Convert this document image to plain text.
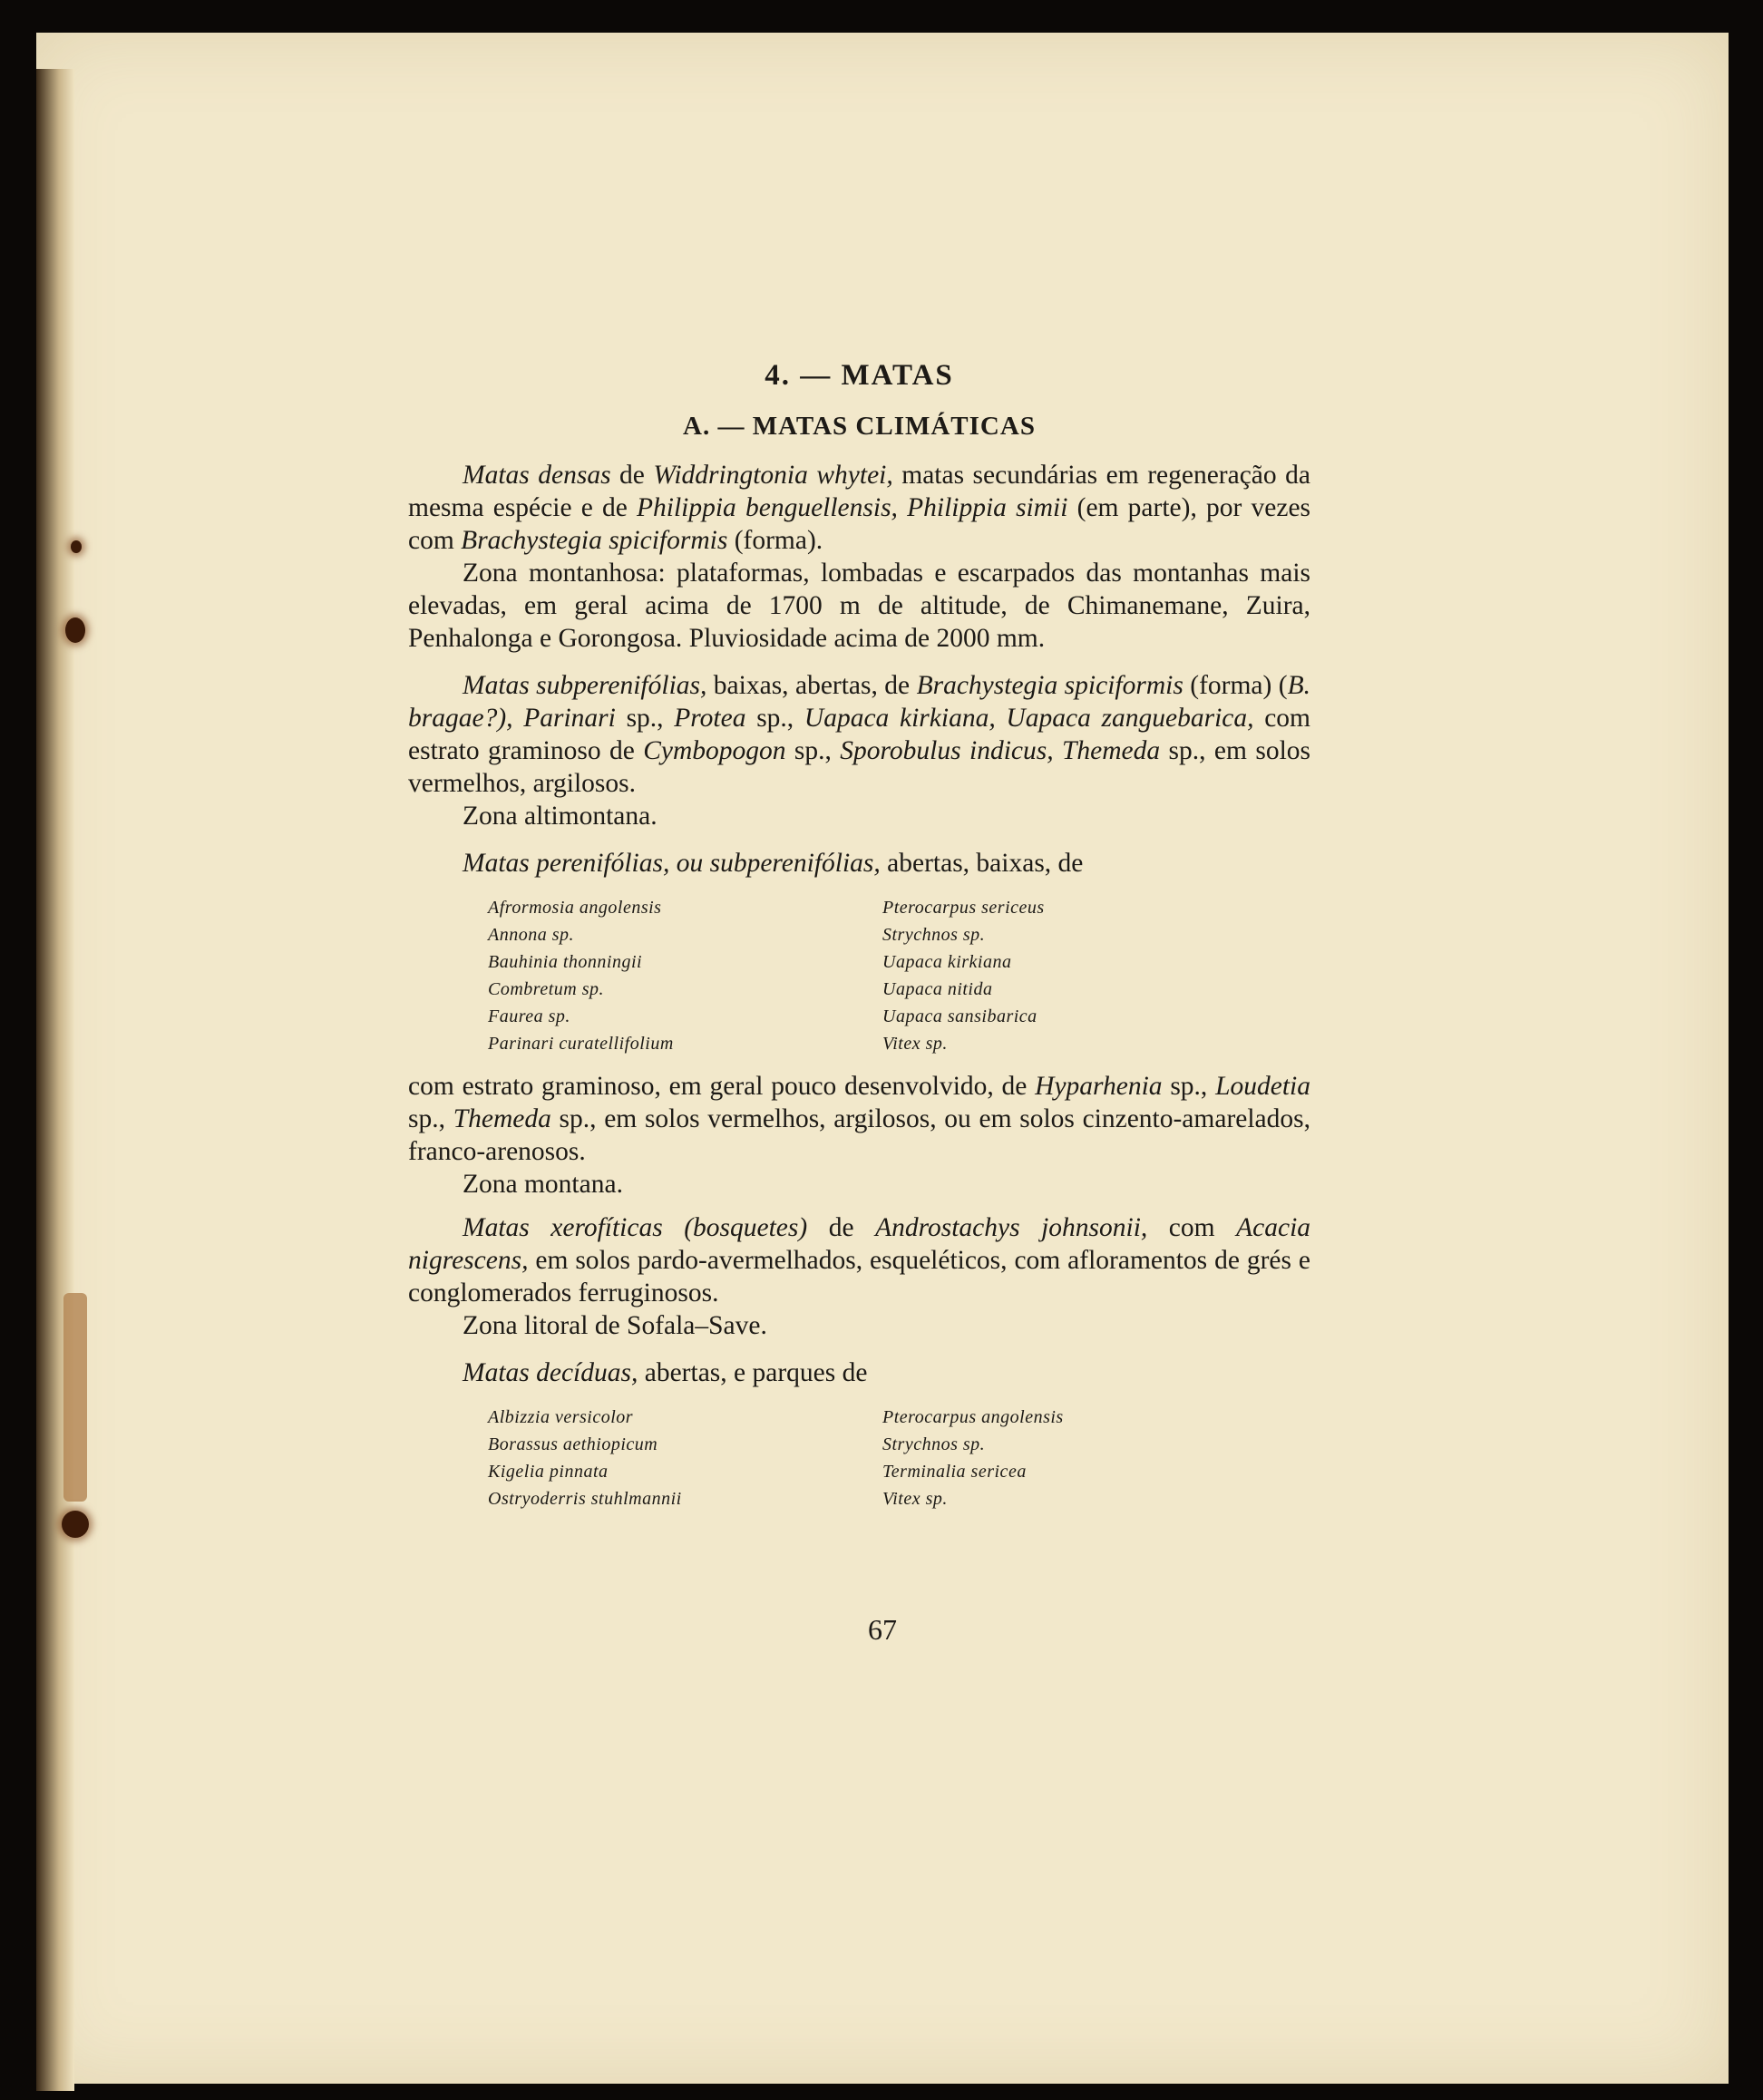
4. — MATAS
A. — MATAS CLIMÁTICAS

Matas densas de Widdringtonia whytei, matas secundárias em regeneração da mesma espécie e de Philippia benguellensis, Philippia simii (em parte), por vezes com Brachystegia spiciformis (forma).

Zona montanhosa: plataformas, lombadas e escarpados das montanhas mais elevadas, em geral acima de 1700 m de altitude, de Chimanemane, Zuira, Penhalonga e Gorongosa. Pluviosidade acima de 2000 mm.

Matas subperenifólias, baixas, abertas, de Brachystegia spiciformis (forma) (B. bragae?), Parinari sp., Protea sp., Uapaca kirkiana, Uapaca zanguebarica, com estrato graminoso de Cymbopogon sp., Sporobulus indicus, Themeda sp., em solos vermelhos, argilosos.

Zona altimontana.

Matas perenifólias, ou subperenifólias, abertas, baixas, de

Afrormosia angolensis
Annona sp.
Bauhinia thonningii
Combretum sp.
Faurea sp.
Parinari curatellifolium
Pterocarpus sericeus
Strychnos sp.
Uapaca kirkiana
Uapaca nitida
Uapaca sansibarica
Vitex sp.

com estrato graminoso, em geral pouco desenvolvido, de Hyparhenia sp., Loudetia sp., Themeda sp., em solos vermelhos, argilosos, ou em solos cinzento-amarelados, franco-arenosos.

Zona montana.

Matas xerofíticas (bosquetes) de Androstachys johnsonii, com Acacia nigrescens, em solos pardo-avermelhados, esqueléticos, com afloramentos de grés e conglomerados ferruginosos.

Zona litoral de Sofala–Save.

Matas decíduas, abertas, e parques de

Albizzia versicolor
Borassus aethiopicum
Kigelia pinnata
Ostryoderris stuhlmannii
Pterocarpus angolensis
Strychnos sp.
Terminalia sericea
Vitex sp.
67
